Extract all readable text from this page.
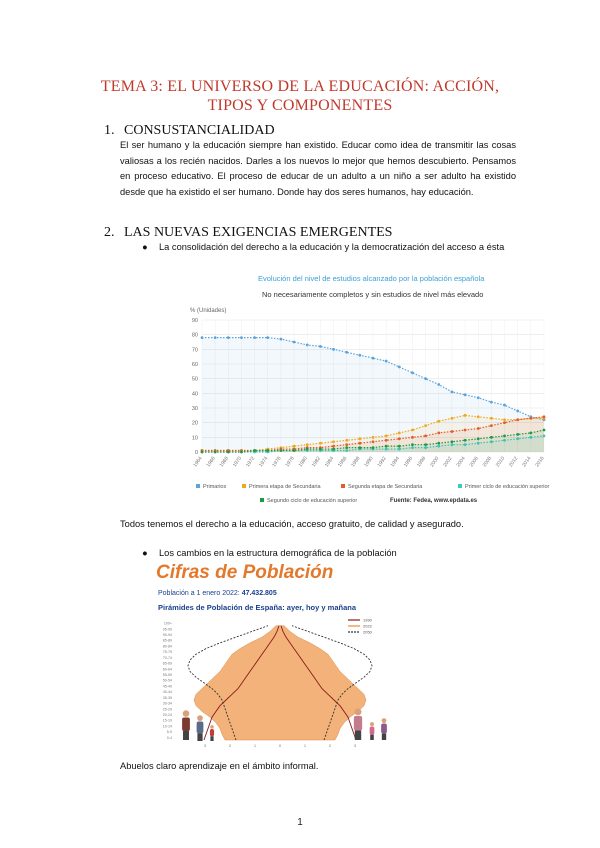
TEMA 3: EL UNIVERSO DE LA EDUCACIÓN: ACCIÓN,
TIPOS Y COMPONENTES
1. CONSUSTANCIALIDAD
El ser humano y la educación siempre han existido. Educar como idea de transmitir las cosas valiosas a los recién nacidos. Darles a los nuevos lo mejor que hemos descubierto. Pensamos en proceso educativo. El proceso de educar de un adulto a un niño a ser adulto ha existido desde que ha existido el ser humano. Donde hay dos seres humanos, hay educación.
2. LAS NUEVAS EXIGENCIAS EMERGENTES
●	La consolidación del derecho a la educación y la democratización del acceso a ésta
Evolución del nivel de estudios alcanzado por la población española
No necesariamente completos y sin estudios de nivel más elevado
% (Unidades)
0
10
20
30
40
50
60
70
80
90
1964 1966 1968 1970 1972 1974 1976 1978 1980 1982 1984 1986 1988 1990 1992 1994 1996 1998 2000 2002 2004 2006 2008 2010 2012 2014 2016
Primarios	Primera etapa de Secundaria	Segunda etapa de Secundaria	Primer ciclo de educación superior
Segundo ciclo de educación superior	Fuente: Fedea, www.epdata.es
Todos tenemos el derecho a la educación, acceso gratuito, de calidad y asegurado.
●	Los cambios en la estructura demográfica de la población
Cifras de Población
Población a 1 enero 2022: 47.432.805
Pirámides de Población de España: ayer, hoy y mañana
100+
95-99
90-94
85-89
80-84
75-79
70-74
65-69
60-64
55-59
50-54
45-49
40-44
35-39
30-34
25-29
20-24
15-19
10-14
5-9
0-4
3	2	1	0	1	2	3
1990
2022
2050
Abuelos claro aprendizaje en el ámbito informal.
1
